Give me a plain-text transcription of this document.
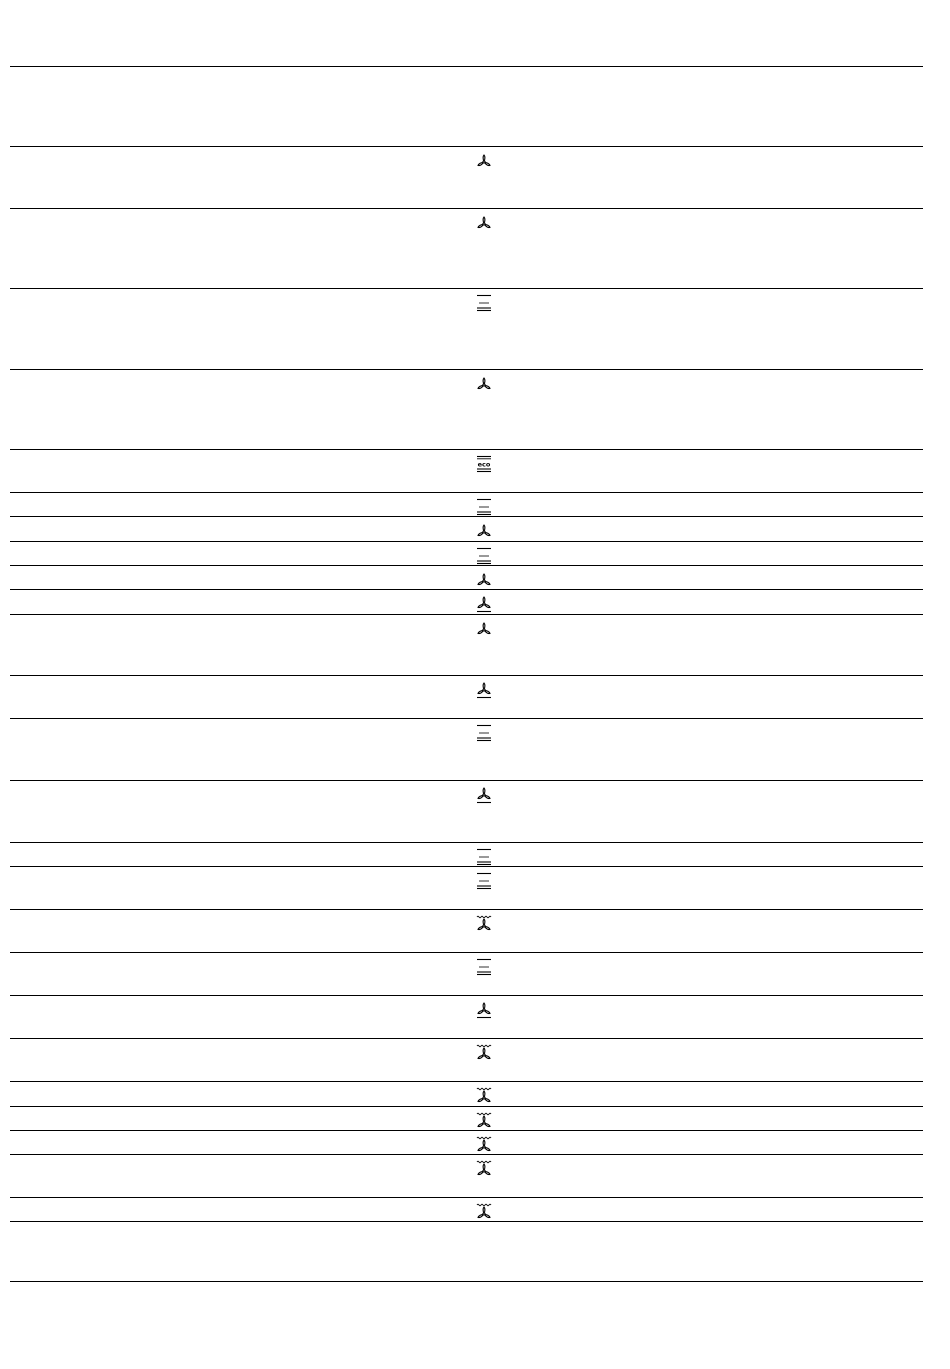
eco
